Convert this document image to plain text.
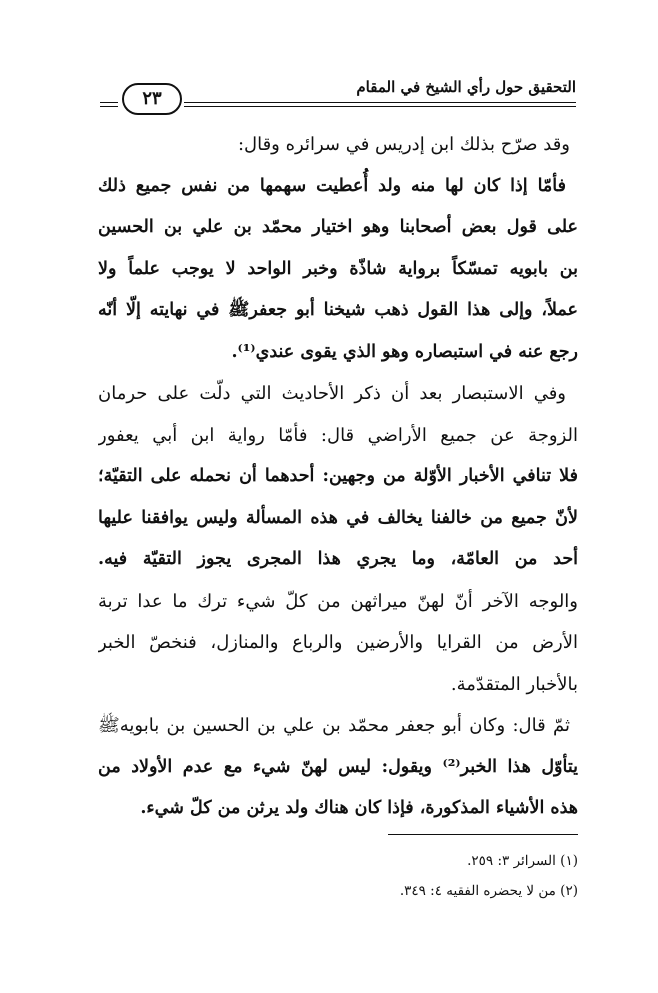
التحقيق حول رأي الشيخ في المقام
٢٣
وقد صرّح بذلك ابن إدريس في سرائره وقال:
فأمّا إذا كان لها منه ولد أُعطيت سهمها من نفس جميع ذلك
على قول بعض أصحابنا وهو اختيار محمّد بن علي بن الحسين
بن بابويه تمسّكاً برواية شاذّة وخبر الواحد لا يوجب علماً ولا
عملاً، وإلى هذا القول ذهب شيخنا أبو جعفرﷺ في نهايته إلّا أنّه
رجع عنه في استبصاره وهو الذي يقوى عندي⁽¹⁾.
وفي الاستبصار بعد أن ذكر الأحاديث التي دلّت على حرمان
الزوجة عن جميع الأراضي قال: فأمّا رواية ابن أبي يعفور
فلا تنافي الأخبار الأوّلة من وجهين: أحدهما أن نحمله على التقيّة؛
لأنّ جميع من خالفنا يخالف في هذه المسألة وليس يوافقنا عليها
أحد من العامّة، وما يجري هذا المجرى يجوز التقيّة فيه.
والوجه الآخر أنّ لهنّ ميراثهن من كلّ شيء ترك ما عدا تربة
الأرض من القرايا والأرضين والرباع والمنازل، فنخصّ الخبر
بالأخبار المتقدّمة.
ثمّ قال: وكان أبو جعفر محمّد بن علي بن الحسين بن بابويهﷺ
يتأوّل هذا الخبر⁽²⁾ ويقول: ليس لهنّ شيء مع عدم الأولاد من
هذه الأشياء المذكورة، فإذا كان هناك ولد يرثن من كلّ شيء.
(١) السرائر ٣: ٢٥٩.
(٢) من لا يحضره الفقيه ٤: ٣٤٩.
